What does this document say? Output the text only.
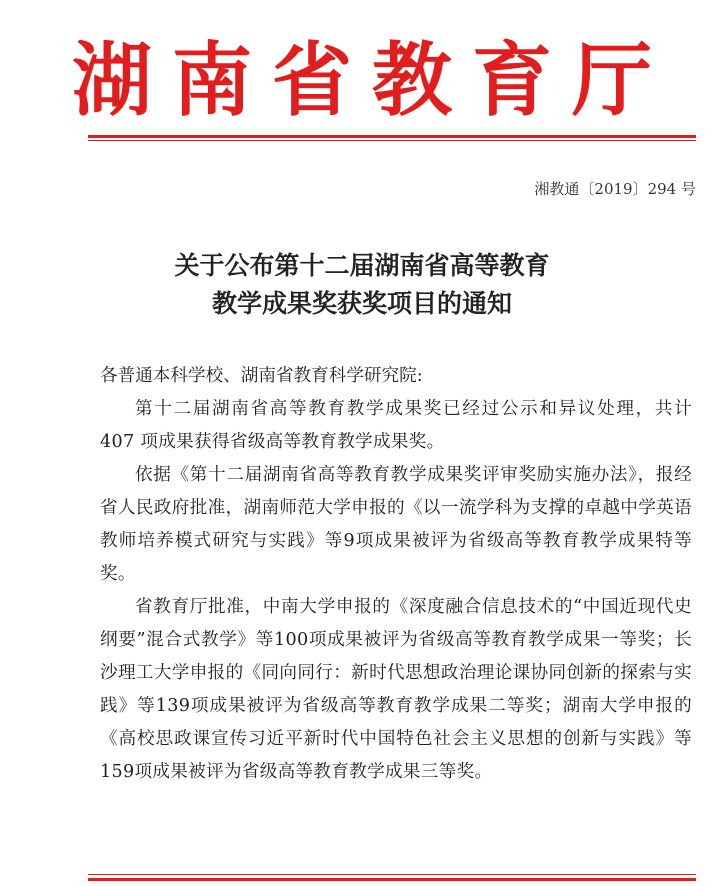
湖南省教育厅
湘教通〔2019〕294 号
关于公布第十二届湖南省高等教育
教学成果奖获奖项目的通知

各普通本科学校、湖南省教育科学研究院:

第十二届湖南省高等教育教学成果奖已经过公示和异议处理，共计 407 项成果获得省级高等教育教学成果奖。

依据《第十二届湖南省高等教育教学成果奖评审奖励实施办法》，报经省人民政府批准，湖南师范大学申报的《以一流学科为支撑的卓越中学英语教师培养模式研究与实践》等9项成果被评为省级高等教育教学成果特等奖。

省教育厅批准，中南大学申报的《深度融合信息技术的“中国近现代史纲要”混合式教学》等100项成果被评为省级高等教育教学成果一等奖；长沙理工大学申报的《同向同行：新时代思想政治理论课协同创新的探索与实践》等139项成果被评为省级高等教育教学成果二等奖；湖南大学申报的《高校思政课宣传习近平新时代中国特色社会主义思想的创新与实践》等159项成果被评为省级高等教育教学成果三等奖。
